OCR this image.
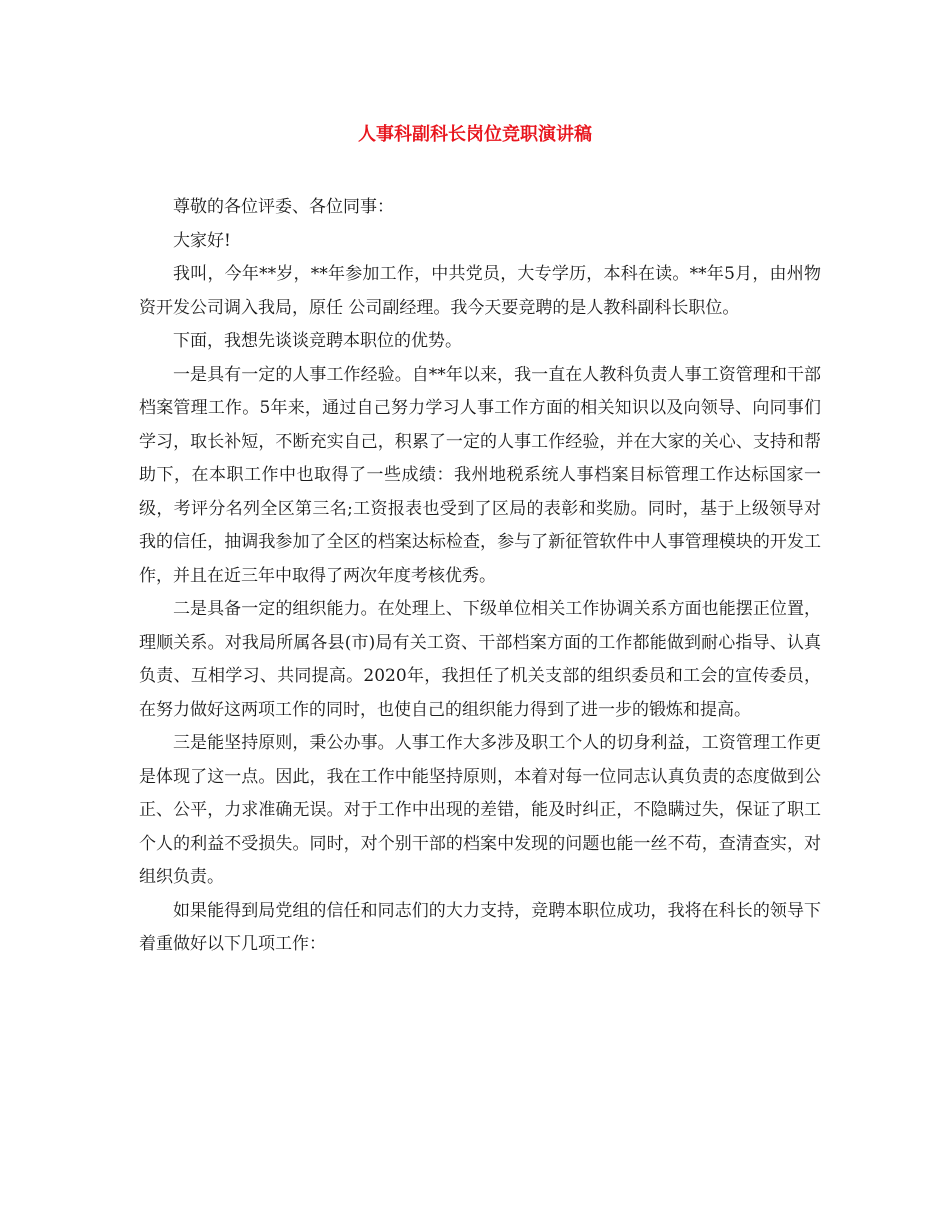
人事科副科长岗位竞职演讲稿

尊敬的各位评委、各位同事：

大家好!

我叫，今年**岁，**年参加工作，中共党员，大专学历，本科在读。**年5月，由州物资开发公司调入我局，原任 公司副经理。我今天要竞聘的是人教科副科长职位。

下面，我想先谈谈竞聘本职位的优势。

一是具有一定的人事工作经验。自**年以来，我一直在人教科负责人事工资管理和干部档案管理工作。5年来，通过自己努力学习人事工作方面的相关知识以及向领导、向同事们学习，取长补短，不断充实自己，积累了一定的人事工作经验，并在大家的关心、支持和帮助下，在本职工作中也取得了一些成绩：我州地税系统人事档案目标管理工作达标国家一级，考评分名列全区第三名;工资报表也受到了区局的表彰和奖励。同时，基于上级领导对我的信任，抽调我参加了全区的档案达标检查，参与了新征管软件中人事管理模块的开发工作，并且在近三年中取得了两次年度考核优秀。

二是具备一定的组织能力。在处理上、下级单位相关工作协调关系方面也能摆正位置，理顺关系。对我局所属各县(市)局有关工资、干部档案方面的工作都能做到耐心指导、认真负责、互相学习、共同提高。2020年，我担任了机关支部的组织委员和工会的宣传委员，在努力做好这两项工作的同时，也使自己的组织能力得到了进一步的锻炼和提高。

三是能坚持原则，秉公办事。人事工作大多涉及职工个人的切身利益，工资管理工作更是体现了这一点。因此，我在工作中能坚持原则，本着对每一位同志认真负责的态度做到公正、公平，力求准确无误。对于工作中出现的差错，能及时纠正，不隐瞒过失，保证了职工个人的利益不受损失。同时，对个别干部的档案中发现的问题也能一丝不苟，查清查实，对组织负责。

如果能得到局党组的信任和同志们的大力支持，竞聘本职位成功，我将在科长的领导下着重做好以下几项工作：
